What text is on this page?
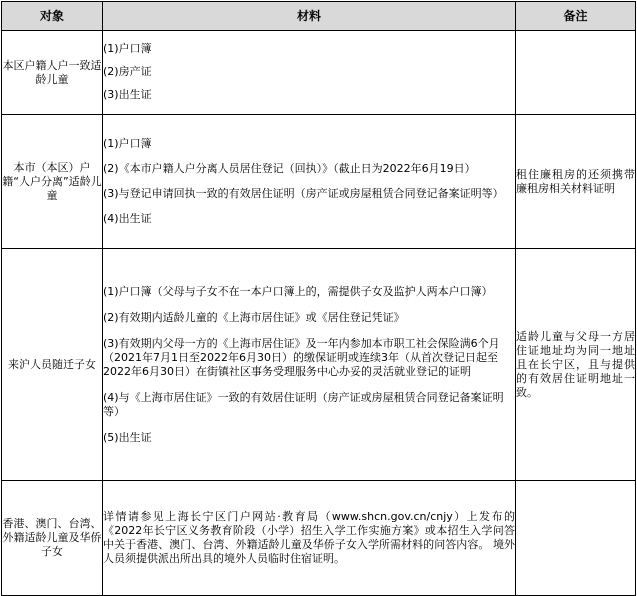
对象	材料	备注
本区户籍人户一致适龄儿童	(1)户口簿

(2)房产证

(3)出生证	

本市（本区）户籍“人户分离”适龄儿童	(1)户口簿

(2)《本市户籍人户分离人员居住登记（回执）》（截止日为2022年6月19日）

(3)与登记申请回执一致的有效居住证明（房产证或房屋租赁合同登记备案证明等）

(4)出生证	租住廉租房的还须携带廉租房相关材料证明
来沪人员随迁子女	(1)户口簿（父母与子女不在一本户口簿上的，需提供子女及监护人两本户口簿）

(2)有效期内适龄儿童的《上海市居住证》或《居住登记凭证》

(3)有效期内父母一方的《上海市居住证》及一年内参加本市职工社会保险满6个月（2021年7月1日至2022年6月30日）的缴保证明或连续3年（从首次登记日起至2022年6月30日）在街镇社区事务受理服务中心办妥的灵活就业登记的证明

(4)与《上海市居住证》一致的有效居住证明（房产证或房屋租赁合同登记备案证明等）

(5)出生证	适龄儿童与父母一方居住证地址均为同一地址且在长宁区，且与提供的有效居住证明地址一致。
香港、澳门、台湾、外籍适龄儿童及华侨子女	详情请参见上海长宁区门户网站·教育局（www.shcn.gov.cn/cnjy）上发布的《2022年长宁区义务教育阶段（小学）招生入学工作实施方案》或本招生入学问答中关于香港、澳门、台湾、外籍适龄儿童及华侨子女入学所需材料的问答内容。 境外人员须提供派出所出具的境外人员临时住宿证明。	
